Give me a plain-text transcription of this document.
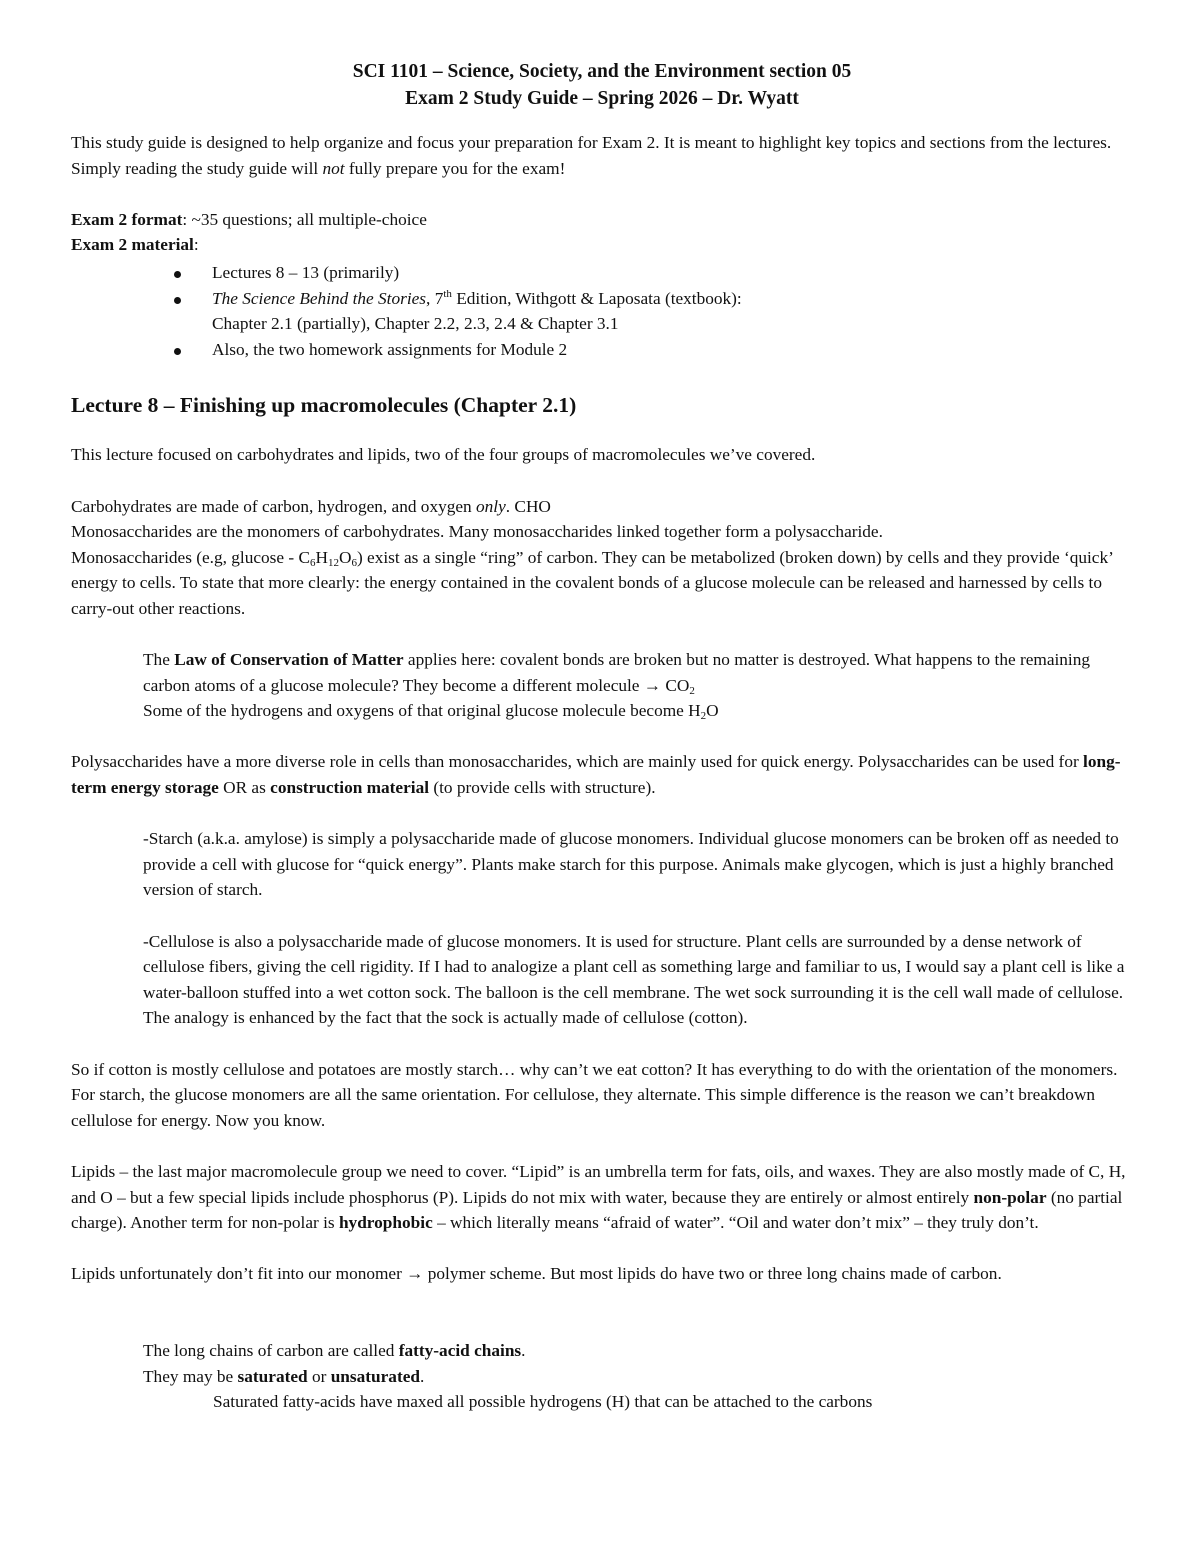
SCI 1101 – Science, Society, and the Environment section 05

Exam 2 Study Guide – Spring 2026 – Dr. Wyatt

This study guide is designed to help organize and focus your preparation for Exam 2. It is meant to highlight key topics and sections from the lectures. Simply reading the study guide will not fully prepare you for the exam!

Exam 2 format: ~35 questions; all multiple-choice

Exam 2 material:

Lectures 8 – 13 (primarily)
The Science Behind the Stories, 7th Edition, Withgott & Laposata (textbook):
Chapter 2.1 (partially), Chapter 2.2, 2.3, 2.4 & Chapter 3.1
Also, the two homework assignments for Module 2
Lecture 8 – Finishing up macromolecules (Chapter 2.1)

This lecture focused on carbohydrates and lipids, two of the four groups of macromolecules we’ve covered.

Carbohydrates are made of carbon, hydrogen, and oxygen only. CHO

Monosaccharides are the monomers of carbohydrates. Many monosaccharides linked together form a polysaccharide.

Monosaccharides (e.g, glucose - $C_6H_{12}O_6$) exist as a single “ring” of carbon. They can be metabolized (broken down) by cells and they provide ‘quick’ energy to cells. To state that more clearly: the energy contained in the covalent bonds of a glucose molecule can be released and harnessed by cells to carry-out other reactions.

The Law of Conservation of Matter applies here: covalent bonds are broken but no matter is destroyed. What happens to the remaining carbon atoms of a glucose molecule? They become a different molecule → $CO_2$

Some of the hydrogens and oxygens of that original glucose molecule become $H_2O$

Polysaccharides have a more diverse role in cells than monosaccharides, which are mainly used for quick energy. Polysaccharides can be used for long-term energy storage OR as construction material (to provide cells with structure).

-Starch (a.k.a. amylose) is simply a polysaccharide made of glucose monomers. Individual glucose monomers can be broken off as needed to provide a cell with glucose for “quick energy”. Plants make starch for this purpose. Animals make glycogen, which is just a highly branched version of starch.

-Cellulose is also a polysaccharide made of glucose monomers. It is used for structure. Plant cells are surrounded by a dense network of cellulose fibers, giving the cell rigidity. If I had to analogize a plant cell as something large and familiar to us, I would say a plant cell is like a water-balloon stuffed into a wet cotton sock. The balloon is the cell membrane. The wet sock surrounding it is the cell wall made of cellulose. The analogy is enhanced by the fact that the sock is actually made of cellulose (cotton).

So if cotton is mostly cellulose and potatoes are mostly starch… why can’t we eat cotton? It has everything to do with the orientation of the monomers. For starch, the glucose monomers are all the same orientation. For cellulose, they alternate. This simple difference is the reason we can’t breakdown cellulose for energy. Now you know.

Lipids – the last major macromolecule group we need to cover. “Lipid” is an umbrella term for fats, oils, and waxes. They are also mostly made of C, H, and O – but a few special lipids include phosphorus (P). Lipids do not mix with water, because they are entirely or almost entirely non-polar (no partial charge). Another term for non-polar is hydrophobic – which literally means “afraid of water”. “Oil and water don’t mix” – they truly don’t.

Lipids unfortunately don’t fit into our monomer → polymer scheme. But most lipids do have two or three long chains made of carbon.

The long chains of carbon are called fatty-acid chains.

They may be saturated or unsaturated.

Saturated fatty-acids have maxed all possible hydrogens (H) that can be attached to the carbons
